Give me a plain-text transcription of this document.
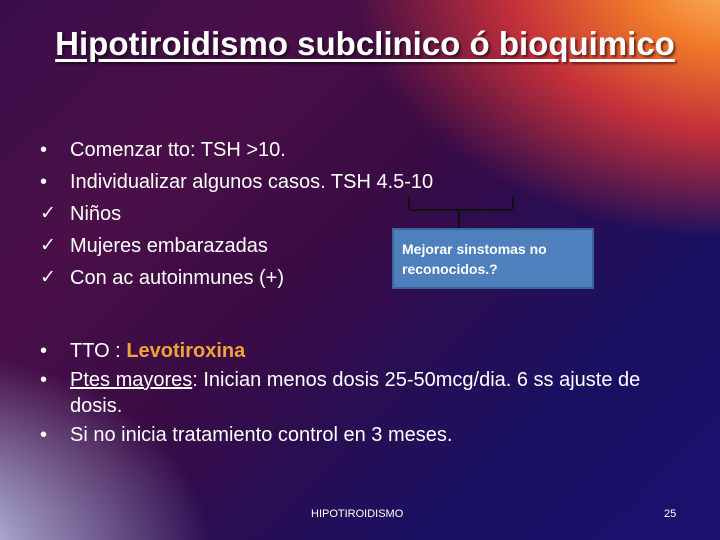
Hipotiroidismo subclinico ó bioquimico
•	Comenzar tto: TSH >10.
•	Individualizar algunos casos. TSH 4.5-10
✓ Niños
✓ Mujeres embarazadas
✓ Con ac autoinmunes (+)
Mejorar sinstomas no reconocidos.?
• TTO : Levotiroxina
• Ptes mayores: Inician menos dosis 25-50mcg/dia. 6 ss ajuste de dosis.
• Si no inicia tratamiento control en 3 meses.
HIPOTIROIDISMO	25
